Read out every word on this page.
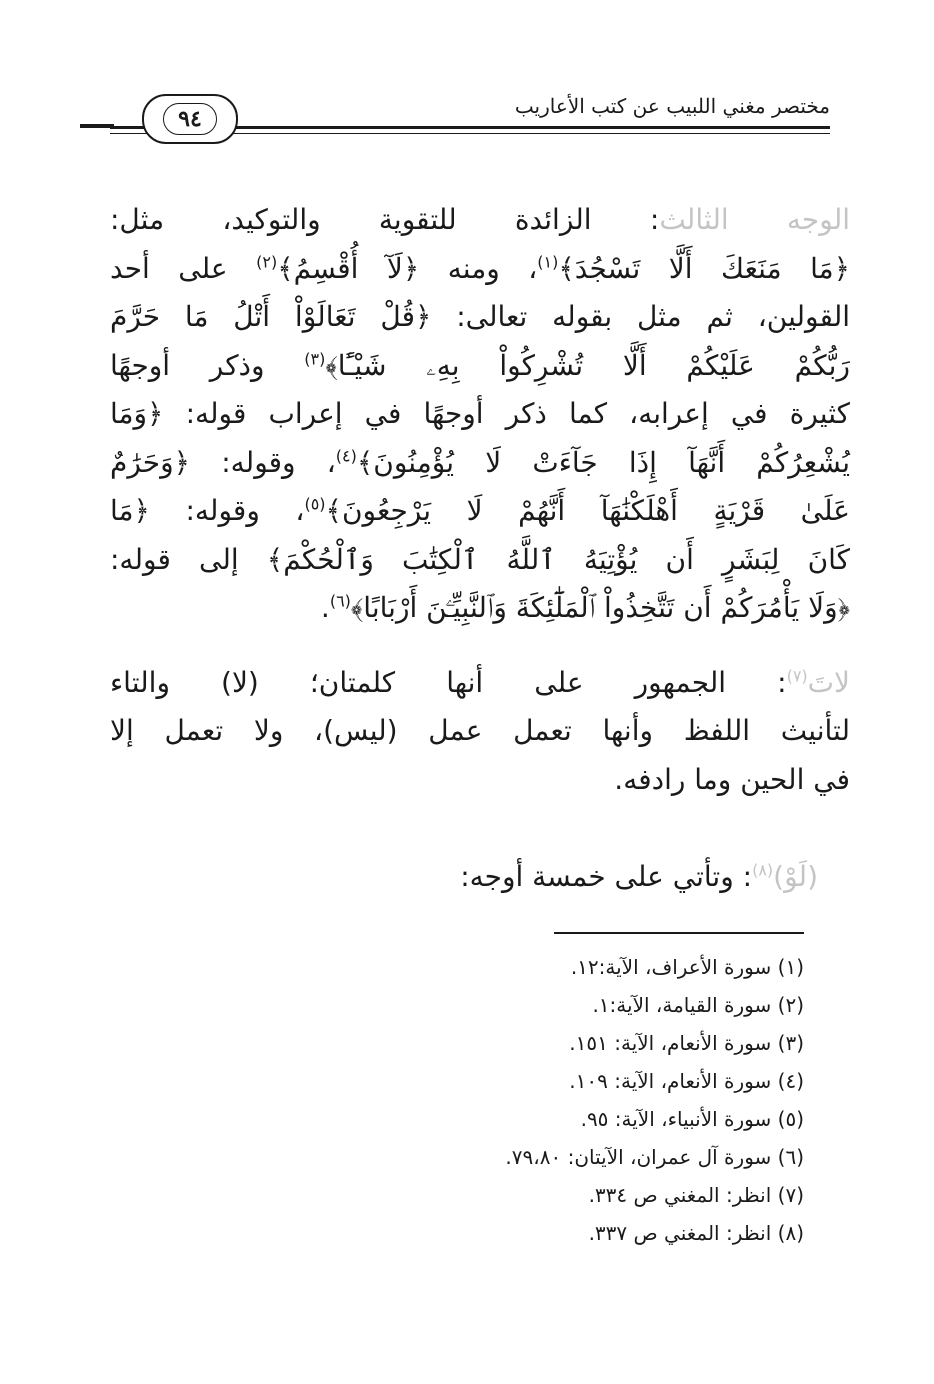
٩٤	مختصر مغني اللبيب عن كتب الأعاريب
الوجه الثالث: الزائدة للتقوية والتوكيد، مثل:
﴿مَا مَنَعَكَ أَلَّا تَسْجُدَ﴾$^{(١)}$، ومنه ﴿لَآ أُقْسِمُ﴾$^{(٢)}$ على أحد
القولين، ثم مثل بقوله تعالى: ﴿قُلْ تَعَالَوْاْ أَتْلُ مَا حَرَّمَ
رَبُّكُمْ عَلَيْكُمْ أَلَّا تُشْرِكُواْ بِهِۦ شَيْـًٔا﴾$^{(٣)}$ وذكر أوجهًا
كثيرة في إعرابه، كما ذكر أوجهًا في إعراب قوله: ﴿وَمَا
يُشْعِرُكُمْ أَنَّهَآ إِذَا جَآءَتْ لَا يُؤْمِنُونَ﴾$^{(٤)}$، وقوله: ﴿وَحَرَٰمٌ
عَلَىٰ قَرْيَةٍ أَهْلَكْنَٰهَآ أَنَّهُمْ لَا يَرْجِعُونَ﴾$^{(٥)}$، وقوله: ﴿مَا
كَانَ لِبَشَرٍ أَن يُؤْتِيَهُ ٱللَّهُ ٱلْكِتَٰبَ وَٱلْحُكْمَ﴾ إلى قوله:
﴿وَلَا يَأْمُرَكُمْ أَن تَتَّخِذُواْ ٱلْمَلَٰٓئِكَةَ وَٱلنَّبِيِّـۧنَ أَرْبَابًا﴾$^{(٦)}$.
لاتَ$^{(٧)}$: الجمهور على أنها كلمتان؛ (لا) والتاء
لتأنيث اللفظ وأنها تعمل عمل (ليس)، ولا تعمل إلا
في الحين وما رادفه.
(لَوْ)$^{(٨)}$: وتأتي على خمسة أوجه:
(١) سورة الأعراف، الآية:١٢.
(٢) سورة القيامة، الآية:١.
(٣) سورة الأنعام، الآية: ١٥١.
(٤) سورة الأنعام، الآية: ١٠٩.
(٥) سورة الأنبياء، الآية: ٩٥.
(٦) سورة آل عمران، الآيتان: ٧٩،٨٠.
(٧) انظر: المغني ص ٣٣٤.
(٨) انظر: المغني ص ٣٣٧.
